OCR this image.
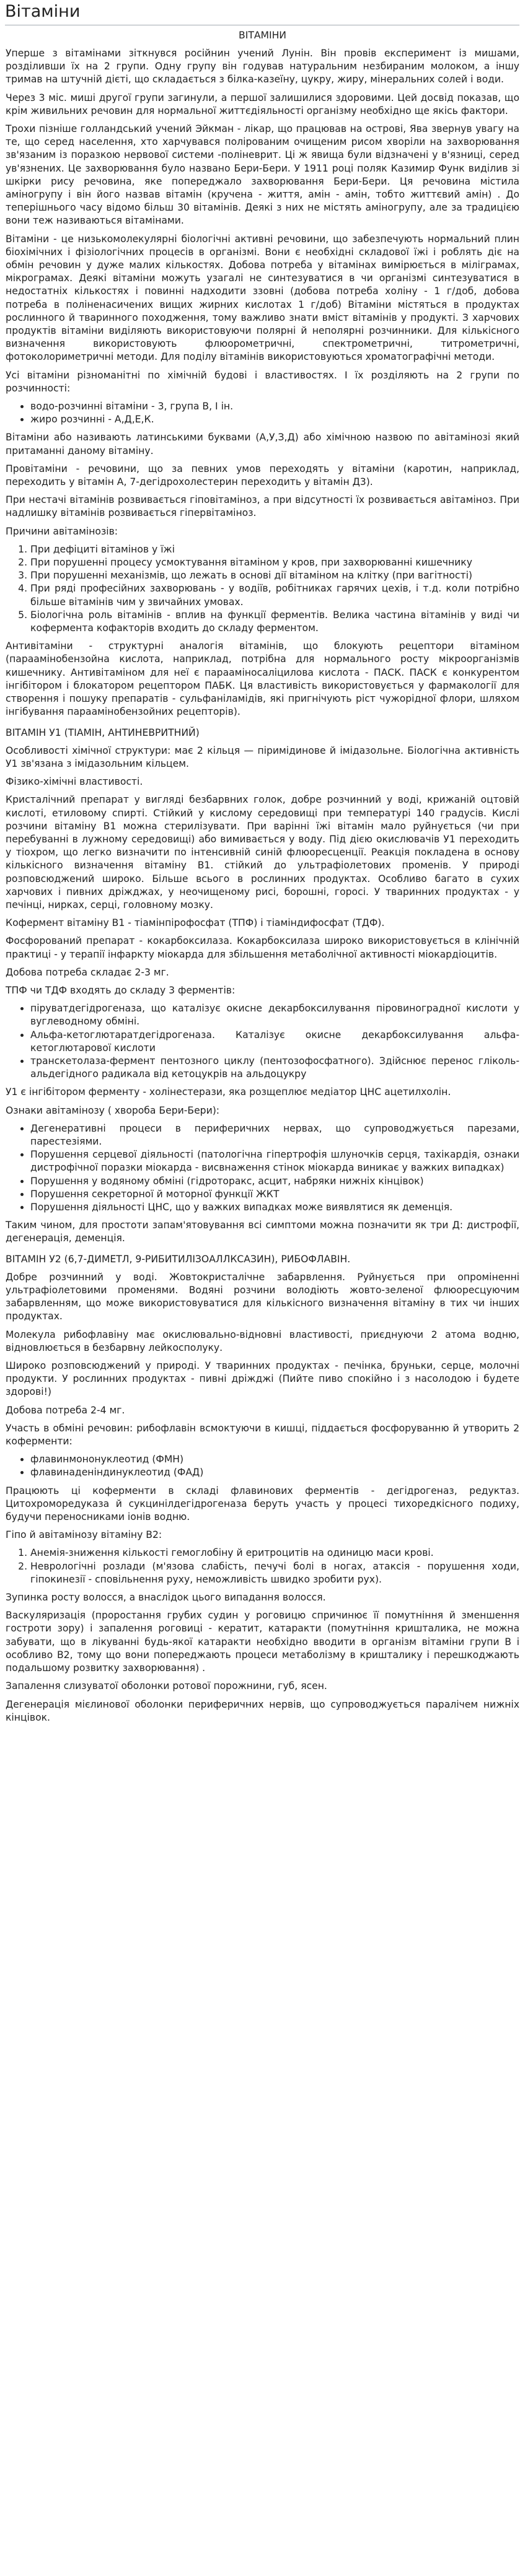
Вітаміни

ВІТАМІНИ

Уперше з вітамінами зіткнувся російнин учений Лунін. Він провів експеримент із мишами, розділивши їх на 2 групи. Одну групу він годував натуральним незбираним молоком, а іншу тримав на штучній дієті, що складається з білка-казеїну, цукру, жиру, мінеральних солей і води.

Через 3 міс. миші другої групи загинули, а першої залишилися здоровими. Цей досвід показав, що крім живильних речовин для нормальної життєдіяльності організму необхідно ще якісь фактори.

Трохи пізніше голландський учений Эйкман - лікар, що працював на острові, Ява звернув увагу на те, що серед населення, хто харчувався полірованим очищеним рисом хворіли на захворювання зв'язаним із поразкою нервової системи -поліневрит. Ці ж явища були відзначені у в'язниці, серед ув'язнених. Це захворювання було названо Бери-Бери. У 1911 році поляк Казимир Функ виділив зі шкірки рису речовина, яке попереджало захворювання Бери-Бери. Ця речовина містила аміногрупу і він його назвав вітамін (кручена - життя, амін - амін, тобто життєвий амін) . До теперішнього часу відомо більш 30 вітамінів. Деякі з них не містять аміногрупу, але за традицією вони теж називаються вітамінами.

Вітаміни - це низькомолекулярні біологічні активні речовини, що забезпечують нормальний плин біохімічних і фізіологічних процесів в організмі. Вони є необхідні складової їжі і роблять діє на обмін речовин у дуже малих кількостях. Добова потреба у вітамінах вимірюється в міліграмах, мікрограмах. Деякі вітаміни можуть узагалі не синтезуватися в чи організмі синтезуватися в недостатніх кількостях і повинні надходити ззовні (добова потреба холіну - 1 г/доб, добова потреба в поліненасичених вищих жирних кислотах 1 г/доб) Вітаміни містяться в продуктах рослинного й тваринного походження, тому важливо знати вміст вітамінів у продукті. З харчових продуктів вітаміни виділяють використовуючи полярні й неполярні розчинники. Для кількісного визначення використовують флюорометричні, спектрометричні, титрометричні, фотоколориметричні методи. Для поділу вітамінів використовуються хроматографічні методи.

Усі вітаміни різноманітні по хімічній будові і властивостях. І їх розділяють на 2 групи по розчинності:

• водо-розчинні вітаміни - 3, група В, І ін.
• жиро розчинні - А,Д,Е,К.

Вітаміни або називають латинськими буквами (А,У,З,Д) або хімічною назвою по авітамінозі який притаманні даному вітаміну.

Провітаміни - речовини, що за певних умов переходять у вітаміни (каротин, наприклад, переходить у вітамін А, 7-дегідрохолестерин переходить у вітамін Д3).

При нестачі вітамінів розвивається гіповітаміноз, а при відсутності їх розвивається авітаміноз. При надлишку вітамінів розвивається гіпервітаміноз.

Причини авітамінозів:

1. При дефіциті вітамінов у їжі
2. При порушенні процесу усмоктування вітаміном у кров, при захворюванні кишечнику
3. При порушенні механізмів, що лежать в основі дії вітаміном на клітку (при вагітності)
4. При ряді професійних захворювань - у водіїв, робітниках гарячих цехів, і т.д. коли потрібно більше вітамінів чим у звичайних умовах.
5. Біологічна роль вітамінів - вплив на функції ферментів. Велика частина вітамінів у виді чи кофермента кофакторів входить до складу ферментом.

Антивітаміни - структурні аналогія вітамінів, що блокують рецептори вітаміном (параамінобензойна кислота, наприклад, потрібна для нормального росту мікроорганізмів кишечнику. Антивітаміном для неї є парааміносаліцилова кислота - ПАСК. ПАСК є конкурентом інгібітором і блокатором рецептором ПАБК. Ця властивість використовується у фармакології для створення і пошуку препаратів - сульфаніламідів, які пригнічують ріст чужорідної флори, шляхом інгібування параамінобензойних рецепторів).

ВІТАМІН У1 (ТІАМІН, АНТИНЕВРИТНИЙ)

Особливості хімічної структури: має 2 кільця — піримідинове й імідазольне. Біологічна активність У1 зв'язана з імідазольним кільцем.

Фізико-хімічні властивості.

Кристалічний препарат у вигляді безбарвних голок, добре розчинний у воді, крижаній оцтовій кислоті, етиловому спирті. Стійкий у кислому середовищі при температурі 140 градусів. Кислі розчини вітаміну В1 можна стерилізувати. При варінні їжі вітамін мало руйнується (чи при перебуванні в лужному середовищі) або вимивається у воду. Під дією окислювачів У1 переходить у тіохром, що легко визначити по інтенсивній синій флюоресценції. Реакція покладена в основу кількісного визначення вітаміну В1. стійкий до ультрафіолетових променів. У природі розповсюджений широко. Більше всього в рослинних продуктах. Особливо багато в сухих харчових і пивних дріжджах, у неочищеному рисі, борошні, горосі. У тваринних продуктах - у печінці, нирках, серці, головному мозку.

Кофермент вітаміну В1 - тіамінпірофосфат (ТПФ) і тіаміндифосфат (ТДФ).

Фосфорований препарат - кокарбоксилаза. Кокарбоксилаза широко використовується в клінічній практиці - у терапії інфаркту міокарда для збільшення метаболічної активності міокардіоцитів.

Добова потреба складає 2-3 мг.

ТПФ чи ТДФ входять до складу 3 ферментів:

• піруватдегідрогеназа, що каталізує окисне декарбоксилування піровиноградної кислоти у вуглеводному обміні.
• Альфа-кетоглютаратдегідрогеназа. Каталізує окисне декарбоксилування альфа-кетоглютарової кислоти
• транскетолаза-фермент пентозного циклу (пентозофосфатного). Здійснює перенос гліколь-альдегідного радикала від кетоцукрів на альдоцукру

У1 є інгібітором ферменту - холінестерази, яка розщеплює медіатор ЦНС ацетилхолін.

Ознаки авітамінозу ( хвороба Бери-Бери):

• Дегенеративні процеси в периферичних нервах, що супроводжується парезами, парестезіями.
• Порушення серцевої діяльності (патологічна гіпертрофія шлуночків серця, тахікардія, ознаки дистрофічної поразки міокарда - висвнаження стінок міокарда виникає у важких випадках)
• Порушення у водяному обміні (гідроторакс, асцит, набряки нижніх кінцівок)
• Порушення секреторної й моторної функції ЖКТ
• Порушення діяльності ЦНС, що у важких випадках може виявлятися як деменція.

Таким чином, для простоти запам'ятовування всі симптоми можна позначити як три Д: дистрофії, дегенерація, деменція.

ВІТАМІН У2 (6,7-ДИМЕТЛ, 9-РИБИТИЛІЗОАЛЛКСАЗИН), РИБОФЛАВІН.

Добре розчинний у воді. Жовтокристалічне забарвлення. Руйнується при опроміненні ультрафіолетовими променями. Водяні розчини володіють жовто-зеленої флюоресцуючим забарвленням, що може використовуватися для кількісного визначення вітаміну в тих чи інших продуктах.

Молекула рибофлавіну має окислювально-відновні властивості, приєднуючи 2 атома водню, відновлюється в безбарвну лейкосполуку.

Широко розповсюджений у природі. У тваринних продуктах - печінка, бруньки, серце, молочні продукти. У рослинних продуктах - пивні дріжджі (Пийте пиво спокійно і з насолодою і будете здорові!)

Добова потреба 2-4 мг.

Участь в обміні речовин: рибофлавін всмоктуючи в кишці, піддається фосфоруванню й утворить 2 коферменти:

• флавинмононуклеотид (ФМН)
• флавинаденіндинуклеотид (ФАД)

Працюють ці коферменти в складі флавинових ферментів - дегідрогеназ, редуктаз. Цитохроморедуказа й сукцинілдегідрогеназа беруть участь у процесі тихоредкісного подиху, будучи переносниками іонів водню.

Гіпо й авітамінозу вітаміну В2:

1. Анемія-зниження кількості гемоглобіну й еритроцитів на одиницю маси крові.
2. Неврологічні розлади (м'язова слабість, печучі болі в ногах, атаксія - порушення ходи, гіпокинезії - сповільнення руху, неможливість швидко зробити рух).

Зупинка росту волосся, а внаслідок цього випадання волосся.

Васкуляризація (проростання грубих судин у роговицю спричинює її помутніння й зменшення гостроти зору) і запалення роговиці - кератит, катаракти (помутніння кришталика, не можна забувати, що в лікуванні будь-якої катаракти необхідно вводити в організм вітаміни групи В і особливо В2, тому що вони попереджають процеси метаболізму в кришталику і перешкоджають подальшому розвитку захворювання) .

Запалення слизуватої оболонки ротової порожнини, губ, ясен.

Дегенерація мієлинової оболонки периферичних нервів, що супроводжується паралічем нижніх кінцівок.
